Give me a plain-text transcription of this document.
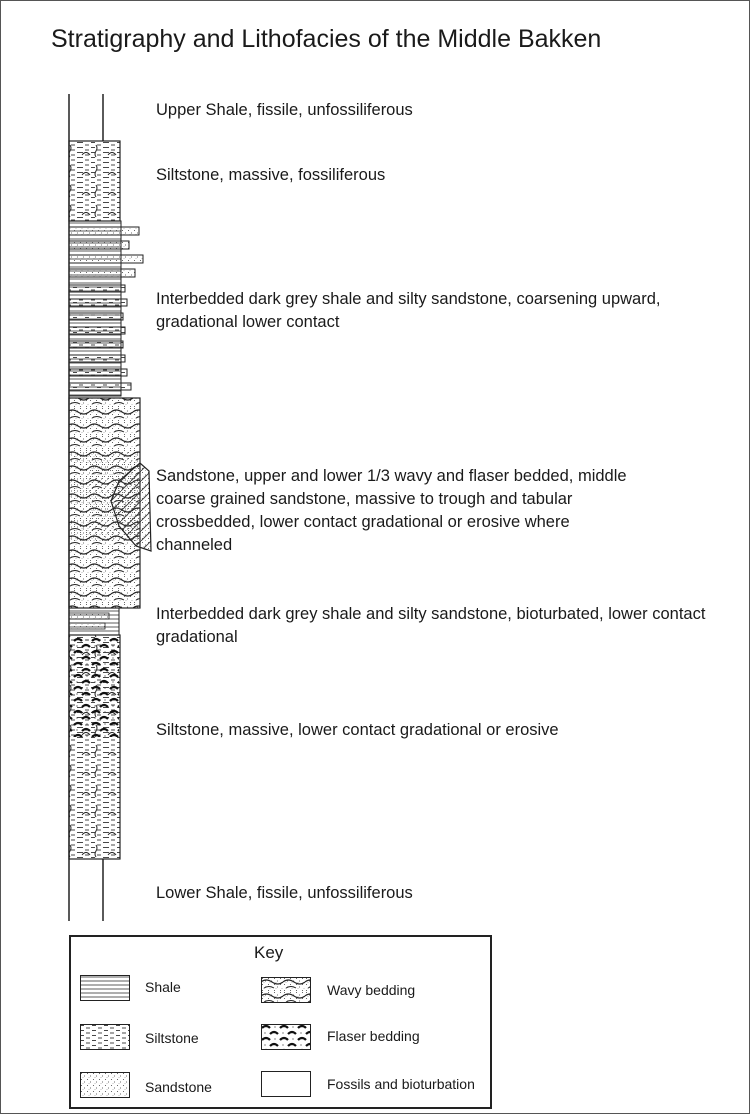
Stratigraphy and Lithofacies of the Middle Bakken
Upper Shale, fissile, unfossiliferous
Siltstone, massive, fossiliferous
Interbedded dark grey shale and silty sandstone, coarsening upward, gradational lower contact
Sandstone, upper and lower 1/3 wavy and flaser bedded, middle coarse grained sandstone, massive to trough and tabular crossbedded, lower contact gradational or erosive where channeled
Interbedded dark grey shale and silty sandstone, bioturbated, lower contact gradational
Siltstone, massive, lower contact gradational or erosive
Lower Shale, fissile, unfossiliferous
Key
Shale
Siltstone
Sandstone
Wavy bedding
Flaser bedding
Fossils and bioturbation
